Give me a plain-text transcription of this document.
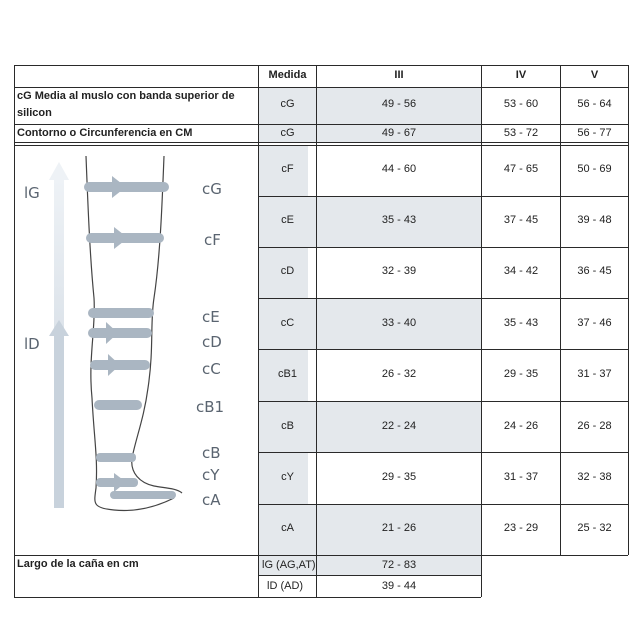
Medida	III	IV	V
cG Media al muslo con banda superior de
silicon
cG	49 - 56	53 - 60	56 - 64
Contorno o Circunferencia en CM	cG	49 - 67	53 - 72	56 - 77
cF	44 - 60	47 - 65	50 - 69
cE	35 - 43	37 - 45	39 - 48
cD	32 - 39	34 - 42	36 - 45
cC	33 - 40	35 - 43	37 - 46
cB1	26 - 32	29 - 35	31 - 37
cB	22 - 24	24 - 26	26 - 28
cY	29 - 35	31 - 37	32 - 38
cA	21 - 26	23 - 29	25 - 32
Largo de la caña en cm	lG (AG,AT)	72 - 83
lD (AD)	39 - 44
lG
lD
cG
cF
cE
cD
cC
cB1
cB
cY
cA
